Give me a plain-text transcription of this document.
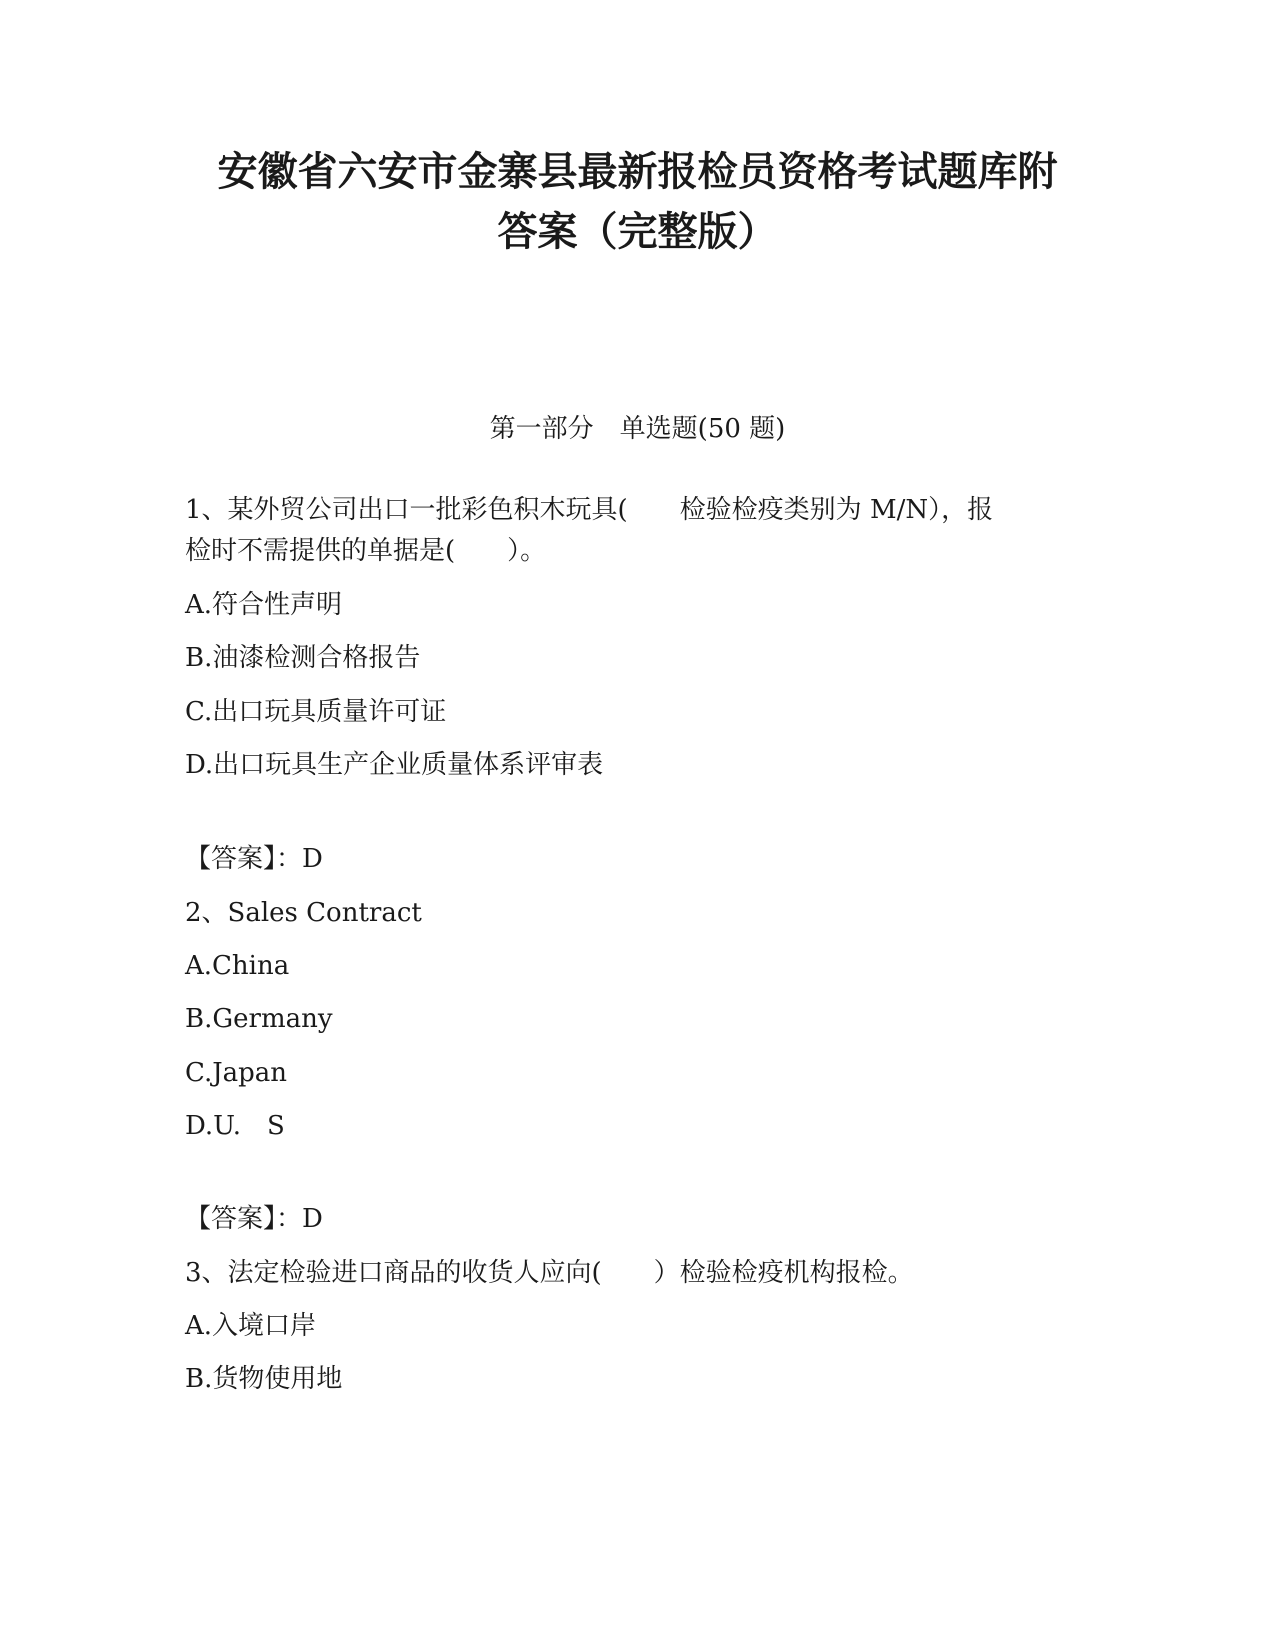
安徽省六安市金寨县最新报检员资格考试题库附
答案（完整版）
第一部分　单选题(50 题)
1、某外贸公司出口一批彩色积木玩具(　　检验检疫类别为 M/N），报
检时不需提供的单据是(　　）。
A.符合性声明
B.油漆检测合格报告
C.出口玩具质量许可证
D.出口玩具生产企业质量体系评审表
【答案】：D
2、Sales Contract
A.China
B.Germany
C.Japan
D.U.　S
【答案】：D
3、法定检验进口商品的收货人应向(　　）检验检疫机构报检。
A.入境口岸
B.货物使用地
